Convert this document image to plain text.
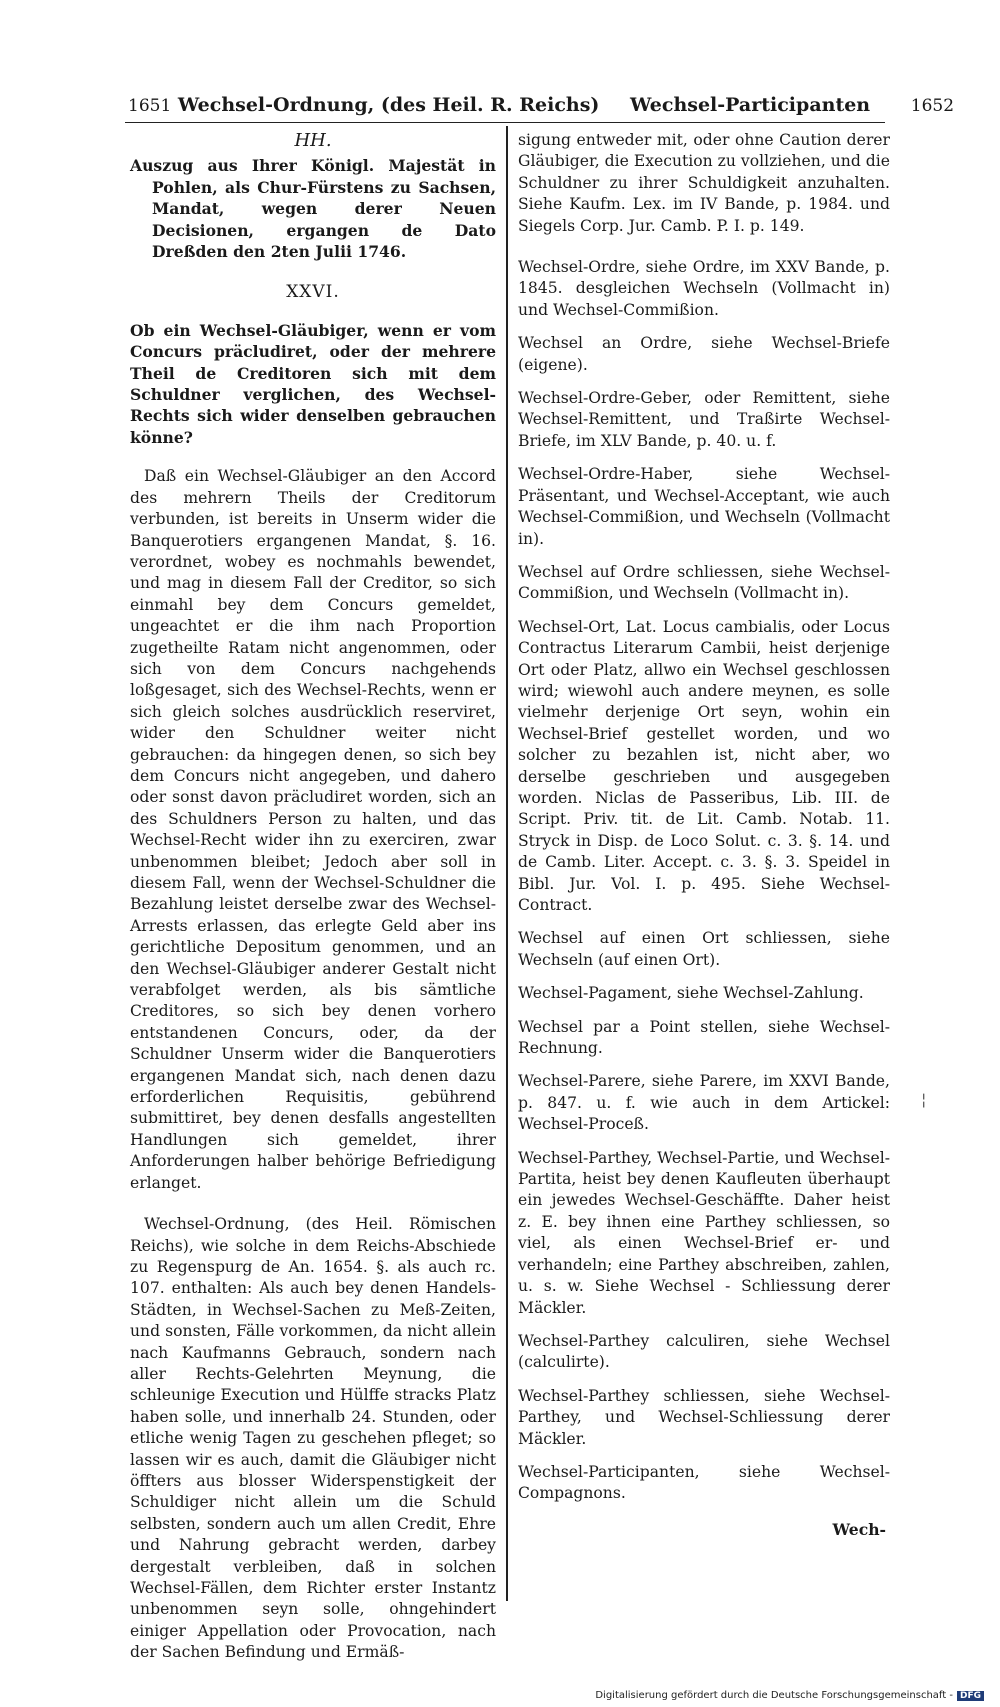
1651 Wechsel-Ordnung, (des Heil. R. Reichs) Wechsel-Participanten 1652

HH.

Auszug aus Ihrer Königl. Majestät in Pohlen, als Chur-Fürstens zu Sachsen, Mandat, wegen derer Neuen Decisionen, ergangen de Dato Dreßden den 2ten Julii 1746.

XXVI.

Ob ein Wechsel-Gläubiger, wenn er vom Concurs präcludiret, oder der mehrere Theil de Creditoren sich mit dem Schuldner verglichen, des Wechsel-Rechts sich wider denselben gebrauchen könne?

Daß ein Wechsel-Gläubiger an den Accord des mehrern Theils der Creditorum verbunden, ist bereits in Unserm wider die Banquerotiers ergangenen Mandat, §. 16. verordnet, wobey es nochmahls bewendet, und mag in diesem Fall der Creditor, so sich einmahl bey dem Concurs gemeldet, ungeachtet er die ihm nach Proportion zugetheilte Ratam nicht angenommen, oder sich von dem Concurs nachgehends loßgesaget, sich des Wechsel-Rechts, wenn er sich gleich solches ausdrücklich reserviret, wider den Schuldner weiter nicht gebrauchen: da hingegen denen, so sich bey dem Concurs nicht angegeben, und dahero oder sonst davon präcludiret worden, sich an des Schuldners Person zu halten, und das Wechsel-Recht wider ihn zu exerciren, zwar unbenommen bleibet; Jedoch aber soll in diesem Fall, wenn der Wechsel-Schuldner die Bezahlung leistet derselbe zwar des Wechsel-Arrests erlassen, das erlegte Geld aber ins gerichtliche Depositum genommen, und an den Wechsel-Gläubiger anderer Gestalt nicht verabfolget werden, als bis sämtliche Creditores, so sich bey denen vorhero entstandenen Concurs, oder, da der Schuldner Unserm wider die Banquerotiers ergangenen Mandat sich, nach denen dazu erforderlichen Requisitis, gebührend submittiret, bey denen desfalls angestellten Handlungen sich gemeldet, ihrer Anforderungen halber behörige Befriedigung erlanget.

Wechsel-Ordnung, (des Heil. Römischen Reichs), wie solche in dem Reichs-Abschiede zu Regenspurg de An. 1654. §. als auch rc. 107. enthalten: Als auch bey denen Handels-Städten, in Wechsel-Sachen zu Meß-Zeiten, und sonsten, Fälle vorkommen, da nicht allein nach Kaufmanns Gebrauch, sondern nach aller Rechts-Gelehrten Meynung, die schleunige Execution und Hülffe stracks Platz haben solle, und innerhalb 24. Stunden, oder etliche wenig Tagen zu geschehen pfleget; so lassen wir es auch, damit die Gläubiger nicht öffters aus blosser Widerspenstigkeit der Schuldiger nicht allein um die Schuld selbsten, sondern auch um allen Credit, Ehre und Nahrung gebracht werden, darbey dergestalt verbleiben, daß in solchen Wechsel-Fällen, dem Richter erster Instantz unbenommen seyn solle, ohngehindert einiger Appellation oder Provocation, nach der Sachen Befindung und Ermäß-

sigung entweder mit, oder ohne Caution derer Gläubiger, die Execution zu vollziehen, und die Schuldner zu ihrer Schuldigkeit anzuhalten. Siehe Kaufm. Lex. im IV Bande, p. 1984. und Siegels Corp. Jur. Camb. P. I. p. 149.

Wechsel-Ordre, siehe Ordre, im XXV Bande, p. 1845. desgleichen Wechseln (Vollmacht in) und Wechsel-Commißion.

Wechsel an Ordre, siehe Wechsel-Briefe (eigene).

Wechsel-Ordre-Geber, oder Remittent, siehe Wechsel-Remittent, und Traßirte Wechsel-Briefe, im XLV Bande, p. 40. u. f.

Wechsel-Ordre-Haber, siehe Wechsel-Präsentant, und Wechsel-Acceptant, wie auch Wechsel-Commißion, und Wechseln (Vollmacht in).

Wechsel auf Ordre schliessen, siehe Wechsel-Commißion, und Wechseln (Vollmacht in).

Wechsel-Ort, Lat. Locus cambialis, oder Locus Contractus Literarum Cambii, heist derjenige Ort oder Platz, allwo ein Wechsel geschlossen wird; wiewohl auch andere meynen, es solle vielmehr derjenige Ort seyn, wohin ein Wechsel-Brief gestellet worden, und wo solcher zu bezahlen ist, nicht aber, wo derselbe geschrieben und ausgegeben worden. Niclas de Passeribus, Lib. III. de Script. Priv. tit. de Lit. Camb. Notab. 11. Stryck in Disp. de Loco Solut. c. 3. §. 14. und de Camb. Liter. Accept. c. 3. §. 3. Speidel in Bibl. Jur. Vol. I. p. 495. Siehe Wechsel-Contract.

Wechsel auf einen Ort schliessen, siehe Wechseln (auf einen Ort).

Wechsel-Pagament, siehe Wechsel-Zahlung.

Wechsel par a Point stellen, siehe Wechsel-Rechnung.

Wechsel-Parere, siehe Parere, im XXVI Bande, p. 847. u. f. wie auch in dem Artickel: Wechsel-Proceß.

Wechsel-Parthey, Wechsel-Partie, und Wechsel-Partita, heist bey denen Kaufleuten überhaupt ein jewedes Wechsel-Geschäffte. Daher heist z. E. bey ihnen eine Parthey schliessen, so viel, als einen Wechsel-Brief er- und verhandeln; eine Parthey abschreiben, zahlen, u. s. w. Siehe Wechsel - Schliessung derer Mäckler.

Wechsel-Parthey calculiren, siehe Wechsel (calculirte).

Wechsel-Parthey schliessen, siehe Wechsel-Parthey, und Wechsel-Schliessung derer Mäckler.

Wechsel-Participanten, siehe Wechsel-Compagnons.

Wech-

¦
Digitalisierung gefördert durch die Deutsche Forschungsgemeinschaft - DFG
